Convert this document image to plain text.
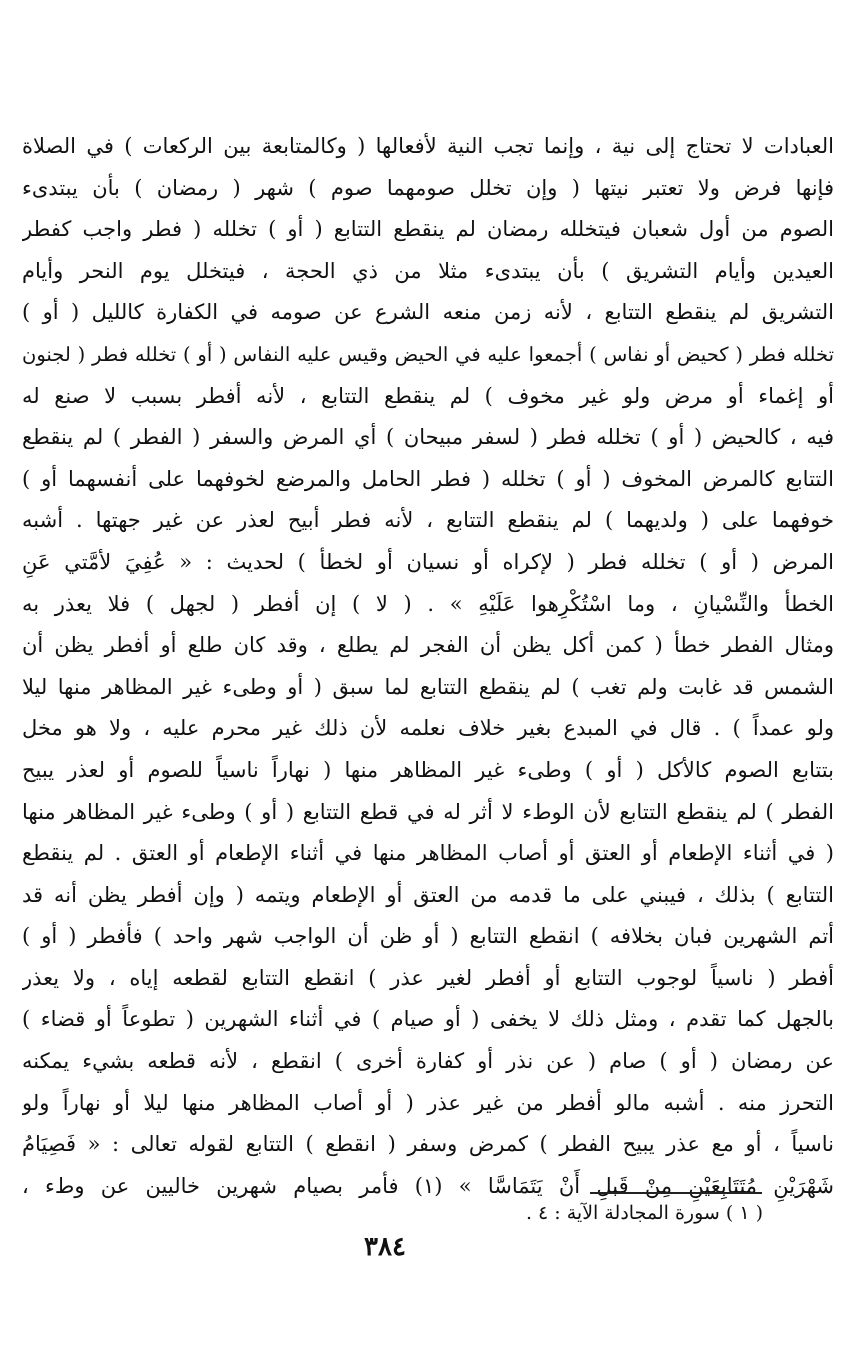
العبادات لا تحتاج إلى نية ، وإنما تجب النية لأفعالها ( وكالمتابعة بين الركعات ) في الصلاة
فإنها فرض ولا تعتبر نيتها ( وإن تخلل صومهما صوم ) شهر ( رمضان ) بأن يبتدىء
الصوم من أول شعبان فيتخلله رمضان لم ينقطع التتابع ( أو ) تخلله ( فطر واجب كفطر
العيدين وأيام التشريق ) بأن يبتدىء مثلا من ذي الحجة ، فيتخلل يوم النحر وأيام
التشريق لم ينقطع التتابع ، لأنه زمن منعه الشرع عن صومه في الكفارة كالليل ( أو )
تخلله فطر ( كحيض أو نفاس ) أجمعوا عليه في الحيض وقيس عليه النفاس ( أو ) تخلله فطر ( لجنون
أو إغماء أو مرض ولو غير مخوف ) لم ينقطع التتابع ، لأنه أفطر بسبب لا صنع له
فيه ، كالحيض ( أو ) تخلله فطر ( لسفر مبيحان ) أي المرض والسفر ( الفطر ) لم ينقطع
التتابع كالمرض المخوف ( أو ) تخلله ( فطر الحامل والمرضع لخوفهما على أنفسهما أو )
خوفهما على ( ولديهما ) لم ينقطع التتابع ، لأنه فطر أبيح لعذر عن غير جهتها . أشبه
المرض ( أو ) تخلله فطر ( لإكراه أو نسيان أو لخطأ ) لحديث : « عُفِيَ لأمَّتي عَنِ
الخطأ والنِّسْيانِ ، وما اسْتُكْرِهوا عَلَيْهِ » . ( لا ) إن أفطر ( لجهل ) فلا يعذر به
ومثال الفطر خطأ ( كمن أكل يظن أن الفجر لم يطلع ، وقد كان طلع أو أفطر يظن أن
الشمس قد غابت ولم تغب ) لم ينقطع التتابع لما سبق ( أو وطىء غير المظاهر منها ليلا
ولو عمداً ) . قال في المبدع بغير خلاف نعلمه لأن ذلك غير محرم عليه ، ولا هو مخل
بتتابع الصوم كالأكل ( أو ) وطىء غير المظاهر منها ( نهاراً ناسياً للصوم أو لعذر يبيح
الفطر ) لم ينقطع التتابع لأن الوطء لا أثر له في قطع التتابع ( أو ) وطىء غير المظاهر منها
( في أثناء الإطعام أو العتق أو أصاب المظاهر منها في أثناء الإطعام أو العتق . لم ينقطع
التتابع ) بذلك ، فيبني على ما قدمه من العتق أو الإطعام ويتمه ( وإن أفطر يظن أنه قد
أتم الشهرين فبان بخلافه ) انقطع التتابع ( أو ظن أن الواجب شهر واحد ) فأفطر ( أو )
أفطر ( ناسياً لوجوب التتابع أو أفطر لغير عذر ) انقطع التتابع لقطعه إياه ، ولا يعذر
بالجهل كما تقدم ، ومثل ذلك لا يخفى ( أو صيام ) في أثناء الشهرين ( تطوعاً أو قضاء )
عن رمضان ( أو ) صام ( عن نذر أو كفارة أخرى ) انقطع ، لأنه قطعه بشيء يمكنه
التحرز منه . أشبه مالو أفطر من غير عذر ( أو أصاب المظاهر منها ليلا أو نهاراً ولو
ناسياً ، أو مع عذر يبيح الفطر ) كمرض وسفر ( انقطع ) التتابع لقوله تعالى : « فَصِيَامُ
شَهْرَيْنِ مُتَتَابِعَيْنِ مِنْ قَبلِ أَنْ يَتَمَاسَّا » (١) فأمر بصيام شهرين خاليين عن وطء ،
( ١ ) سورة المجادلة الآية : ٤ .
٣٨٤
